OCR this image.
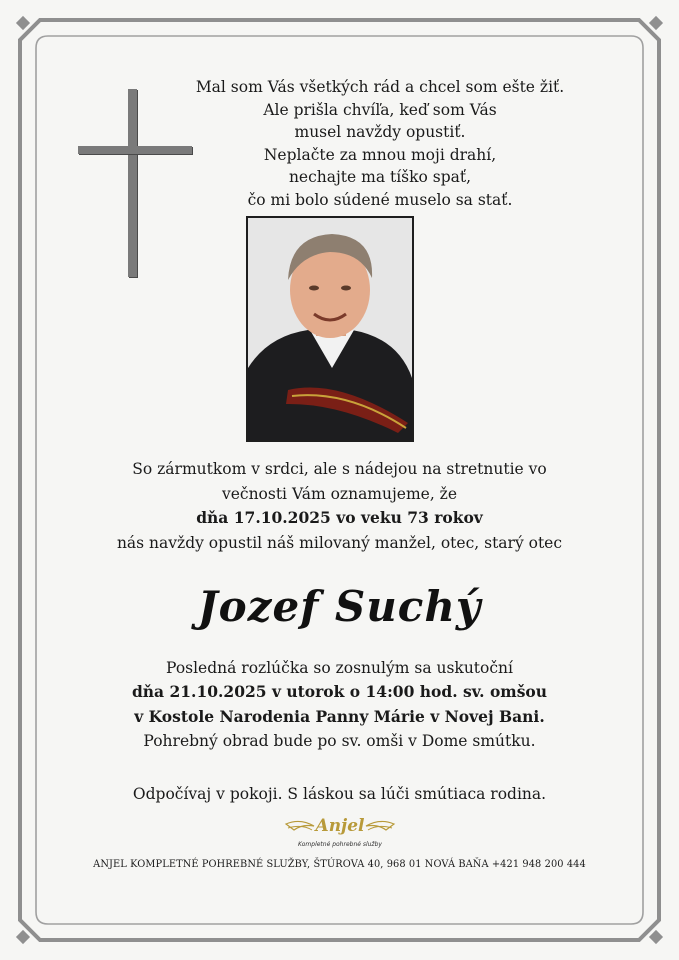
Mal som Vás všetkých rád a chcel som ešte žiť.
Ale prišla chvíľa, keď som Vás
musel navždy opustiť.
Neplačte za mnou moji drahí,
nechajte ma tíško spať,
čo mi bolo súdené muselo sa stať.
So zármutkom v srdci, ale s nádejou na stretnutie vo
večnosti Vám oznamujeme, že
dňa 17.10.2025 vo veku 73 rokov
nás navždy opustil náš milovaný manžel, otec, starý otec
Jozef Suchý
Posledná rozlúčka so zosnulým sa uskutoční
dňa 21.10.2025 v utorok o 14:00 hod. sv. omšou
v Kostole Narodenia Panny Márie v Novej Bani.
Pohrebný obrad bude po sv. omši v Dome smútku.
Odpočívaj v pokoji. S láskou sa lúči smútiaca rodina.
Anjel
Kompletné pohrebné služby
ANJEL KOMPLETNÉ POHREBNÉ SLUŽBY, ŠTÚROVA 40, 968 01 NOVÁ BAŇA +421 948 200 444
